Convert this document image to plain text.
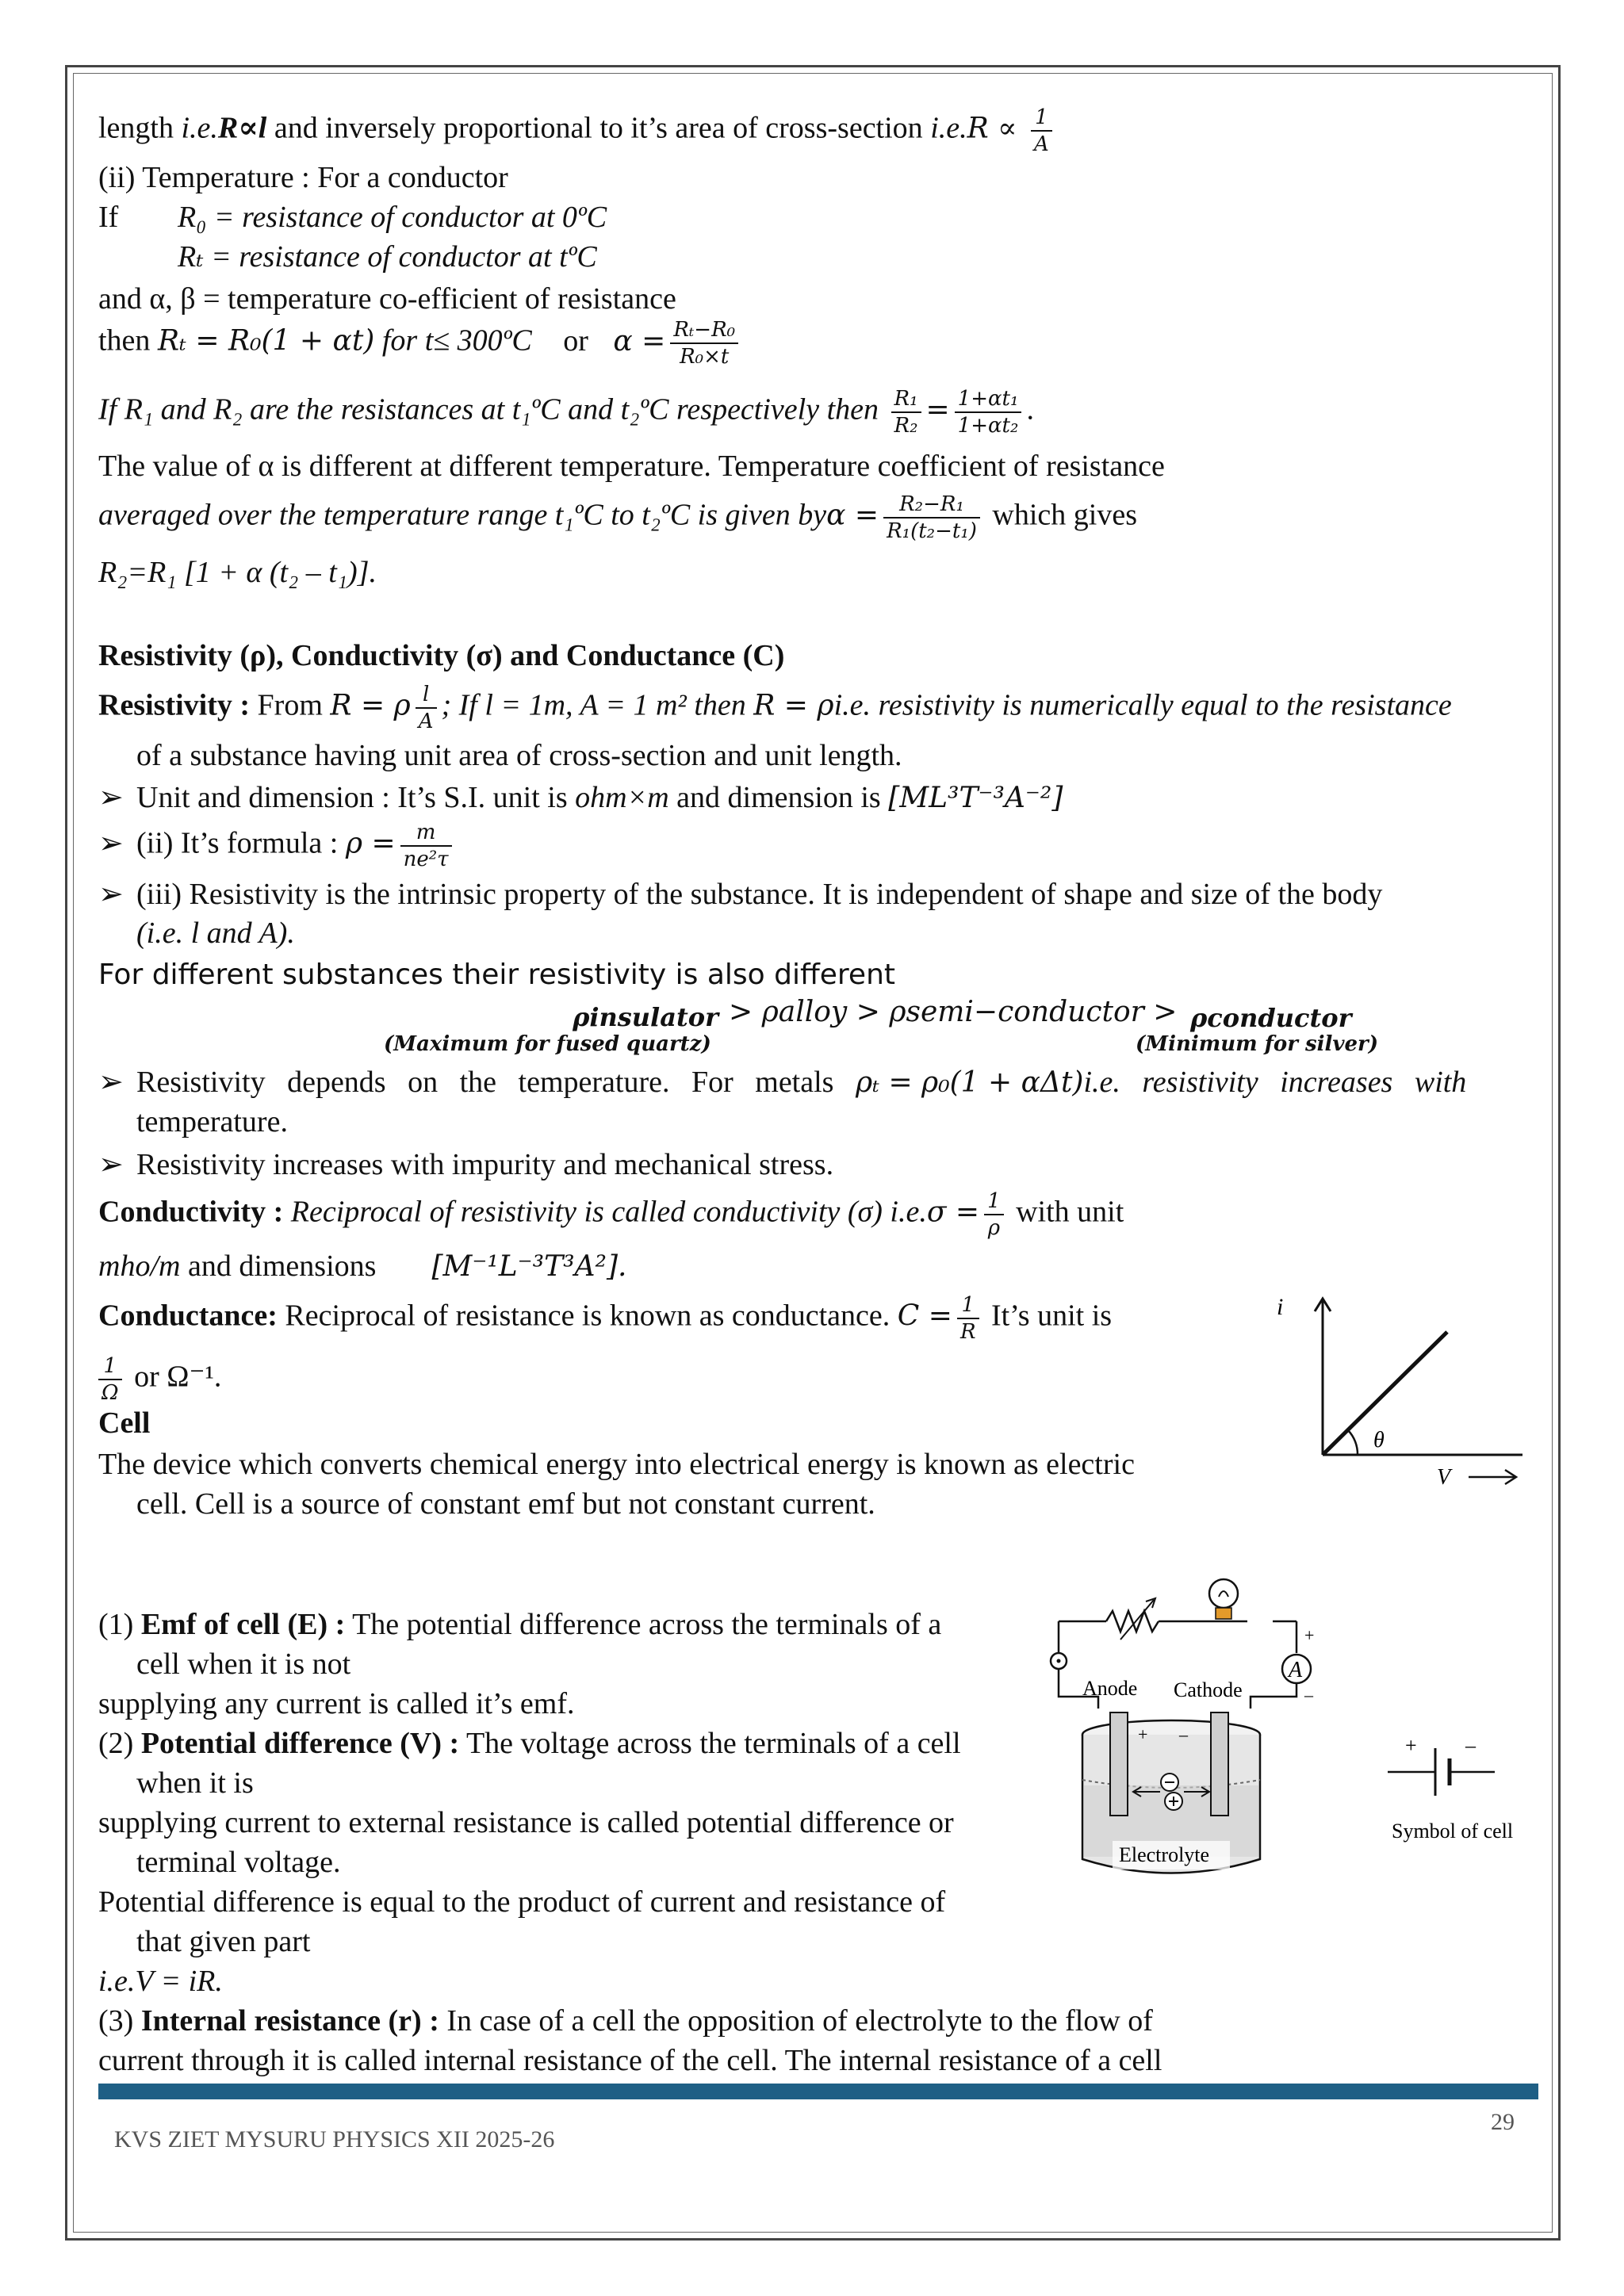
length i.e.R∝l and inversely proportional to it’s area of cross-section $i.e.R \propto \frac{1}{A}$
(ii) Temperature : For a conductor
If R₀ = resistance of conductor at 0ºC
Rₜ = resistance of conductor at tºC
and α, β = temperature co-efficient of resistance
then Rₜ = R₀(1 + αt) for t≤ 300ºC or $\alpha = \frac{\text{Rₜ−R₀}}{\text{R₀×t}}$
If R₁ and R₂ are the resistances at t₁ºC and t₂ºC respectively then $\frac{\text{R₁}}{\text{R₂}} = \frac{\text{1+αt₁}}{\text{1+αt₂}}$ .
The value of α is different at different temperature. Temperature coefficient of resistance
averaged over the temperature range t₁ºC to t₂ºC is given $by\alpha = \frac{\text{R₂−R₁}}{\text{R₁(t₂−t₁)}}$ which gives
R₂=R₁ [1 + α (t₂ – t₁)].
Resistivity (ρ), Conductivity (σ) and Conductance (C)
Resistivity : From R = ρ $\frac{l}{A}$ ; If l = 1m, A = 1 m² then R = ρi.e. resistivity is numerically equal to the resistance
of a substance having unit area of cross-section and unit length.
➢ Unit and dimension : It’s S.I. unit is ohm×m and dimension is [ML³T⁻³A⁻²]
➢ (ii) It’s formula : $\rho = \frac{m}{\text{ne²τ}}$
➢ (iii) Resistivity is the intrinsic property of the substance. It is independent of shape and size of the body
(i.e. l and A).
For different substances their resistivity is also different
ρinsulator
(Maximum for fused quartz)
> ρalloy > ρsemi−conductor > ρconductor
(Minimum for silver)
➢ Resistivity depends on the temperature. For metals ρₜ = ρ₀(1 + αΔt)i.e. resistivity increases with
temperature.
➢ Resistivity increases with impurity and mechanical stress.
Conductivity : Reciprocal of resistivity is called conductivity (σ) $i.e.\sigma = \frac{1}{\rho}$ with unit
mho/m and dimensions [M⁻¹L⁻³T³A²].
Conductance: Reciprocal of resistance is known as conductance. $C = \frac{1}{R}$ It’s unit is
$\frac{1}{\Omega}$ or Ω⁻¹.
Cell
The device which converts chemical energy into electrical energy is known as electric
cell. Cell is a source of constant emf but not constant current.
(1) Emf of cell (E) : The potential difference across the terminals of a
cell when it is not
supplying any current is called it’s emf.
(2) Potential difference (V) : The voltage across the terminals of a cell
when it is
supplying current to external resistance is called potential difference or
terminal voltage.
Potential difference is equal to the product of current and resistance of
that given part
i.e.V = iR.
(3) Internal resistance (r) : In case of a cell the opposition of electrolyte to the flow of
current through it is called internal resistance of the cell. The internal resistance of a cell
i
θ
V
A
+
–
Anode Cathode
+ –
Electrolyte
+ –
Symbol of cell
KVS ZIET MYSURU PHYSICS XII 2025-26
29
